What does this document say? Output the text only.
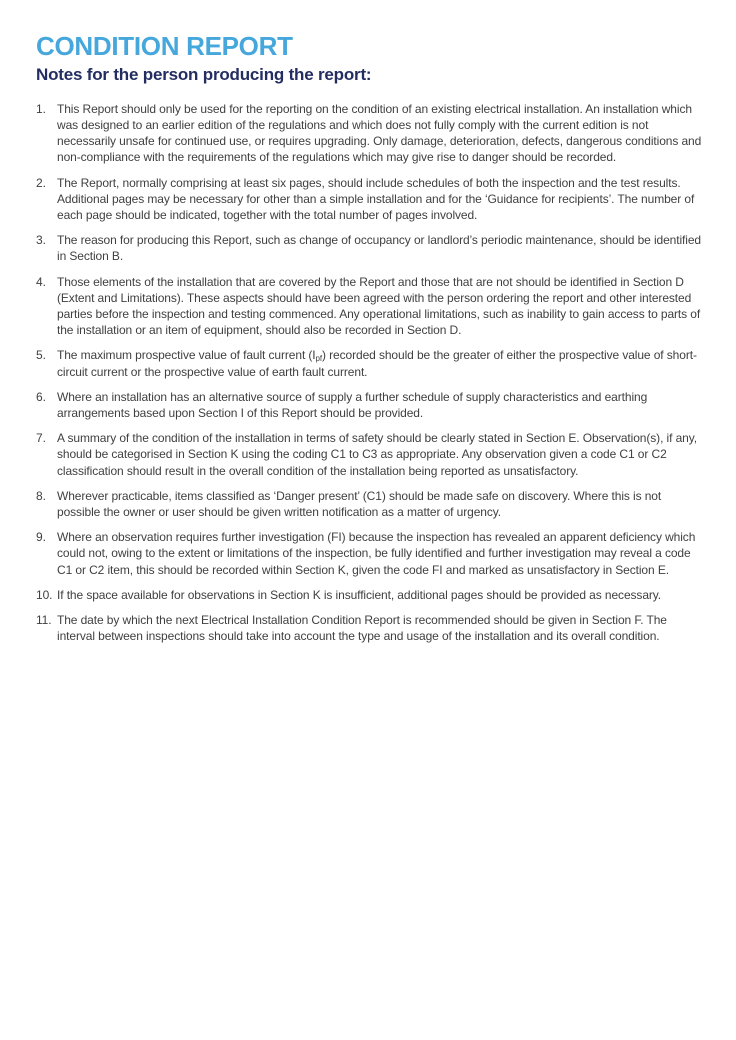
CONDITION REPORT
Notes for the person producing the report:
1. This Report should only be used for the reporting on the condition of an existing electrical installation. An installation which was designed to an earlier edition of the regulations and which does not fully comply with the current edition is not necessarily unsafe for continued use, or requires upgrading. Only damage, deterioration, defects, dangerous conditions and non-compliance with the requirements of the regulations which may give rise to danger should be recorded.
2. The Report, normally comprising at least six pages, should include schedules of both the inspection and the test results. Additional pages may be necessary for other than a simple installation and for the ‘Guidance for recipients’. The number of each page should be indicated, together with the total number of pages involved.
3. The reason for producing this Report, such as change of occupancy or landlord’s periodic maintenance, should be identified in Section B.
4. Those elements of the installation that are covered by the Report and those that are not should be identified in Section D (Extent and Limitations). These aspects should have been agreed with the person ordering the report and other interested parties before the inspection and testing commenced. Any operational limitations, such as inability to gain access to parts of the installation or an item of equipment, should also be recorded in Section D.
5. The maximum prospective value of fault current $(I_{pf})$ recorded should be the greater of either the prospective value of short-circuit current or the prospective value of earth fault current.
6. Where an installation has an alternative source of supply a further schedule of supply characteristics and earthing arrangements based upon Section I of this Report should be provided.
7. A summary of the condition of the installation in terms of safety should be clearly stated in Section E. Observation(s), if any, should be categorised in Section K using the coding C1 to C3 as appropriate. Any observation given a code C1 or C2 classification should result in the overall condition of the installation being reported as unsatisfactory.
8. Wherever practicable, items classified as ‘Danger present’ (C1) should be made safe on discovery. Where this is not possible the owner or user should be given written notification as a matter of urgency.
9. Where an observation requires further investigation (FI) because the inspection has revealed an apparent deficiency which could not, owing to the extent or limitations of the inspection, be fully identified and further investigation may reveal a code C1 or C2 item, this should be recorded within Section K, given the code FI and marked as unsatisfactory in Section E.
10. If the space available for observations in Section K is insufficient, additional pages should be provided as necessary.
11. The date by which the next Electrical Installation Condition Report is recommended should be given in Section F. The interval between inspections should take into account the type and usage of the installation and its overall condition.
